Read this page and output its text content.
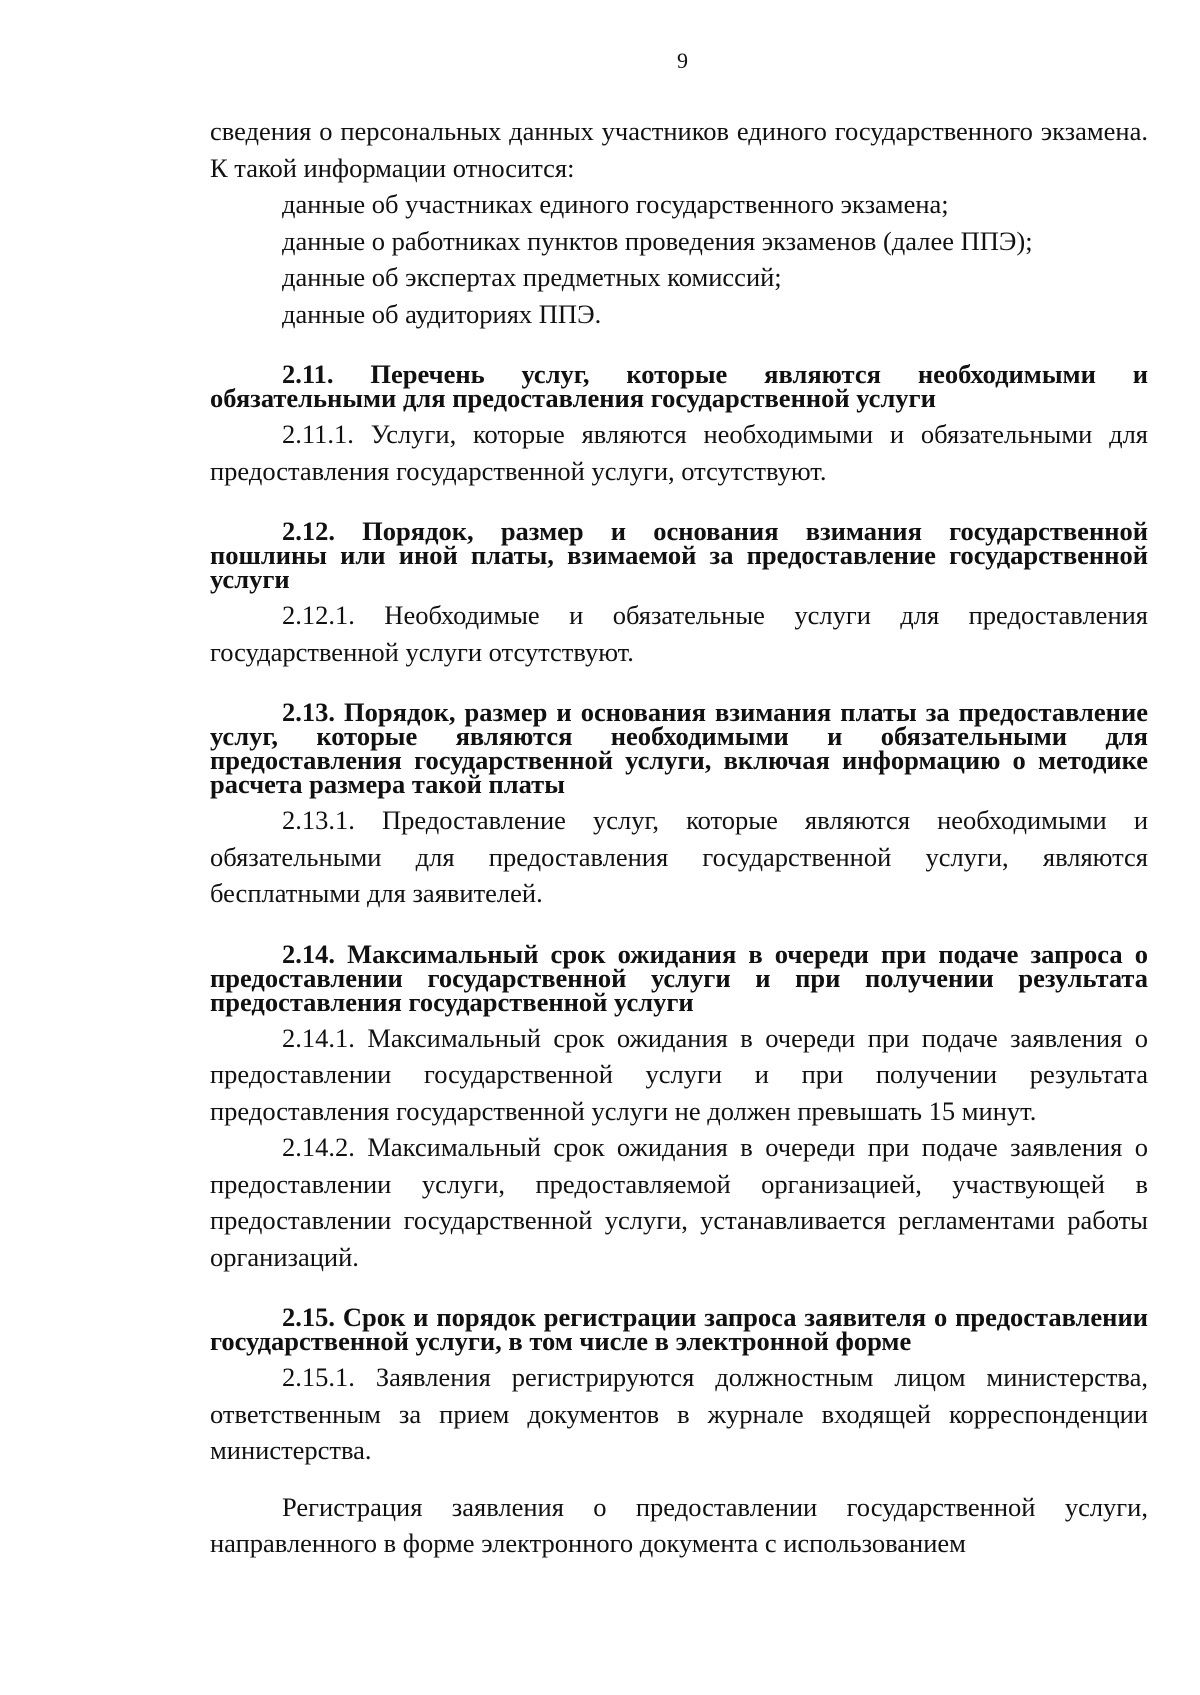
9

сведения о персональных данных участников единого государственного экзамена. К такой информации относится:

данные об участниках единого государственного экзамена;

данные о работниках пунктов проведения экзаменов (далее ППЭ);

данные об экспертах предметных комиссий;

данные об аудиториях ППЭ.

2.11. Перечень услуг, которые являются необходимыми и обязательными для предоставления государственной услуги

2.11.1. Услуги, которые являются необходимыми и обязательными для предоставления государственной услуги, отсутствуют.

2.12. Порядок, размер и основания взимания государственной пошлины или иной платы, взимаемой за предоставление государственной услуги

2.12.1. Необходимые и обязательные услуги для предоставления государственной услуги отсутствуют.

2.13. Порядок, размер и основания взимания платы за предоставление услуг, которые являются необходимыми и обязательными для предоставления государственной услуги, включая информацию о методике расчета размера такой платы

2.13.1. Предоставление услуг, которые являются необходимыми и обязательными для предоставления государственной услуги, являются бесплатными для заявителей.

2.14. Максимальный срок ожидания в очереди при подаче запроса о предоставлении государственной услуги и при получении результата предоставления государственной услуги

2.14.1. Максимальный срок ожидания в очереди при подаче заявления о предоставлении государственной услуги и при получении результата предоставления государственной услуги не должен превышать 15 минут.

2.14.2. Максимальный срок ожидания в очереди при подаче заявления о предоставлении услуги, предоставляемой организацией, участвующей в предоставлении государственной услуги, устанавливается регламентами работы организаций.

2.15. Срок и порядок регистрации запроса заявителя о предоставлении государственной услуги, в том числе в электронной форме

2.15.1. Заявления регистрируются должностным лицом министерства, ответственным за прием документов в журнале входящей корреспонденции министерства.

Регистрация заявления о предоставлении государственной услуги, направленного в форме электронного документа с использованием
